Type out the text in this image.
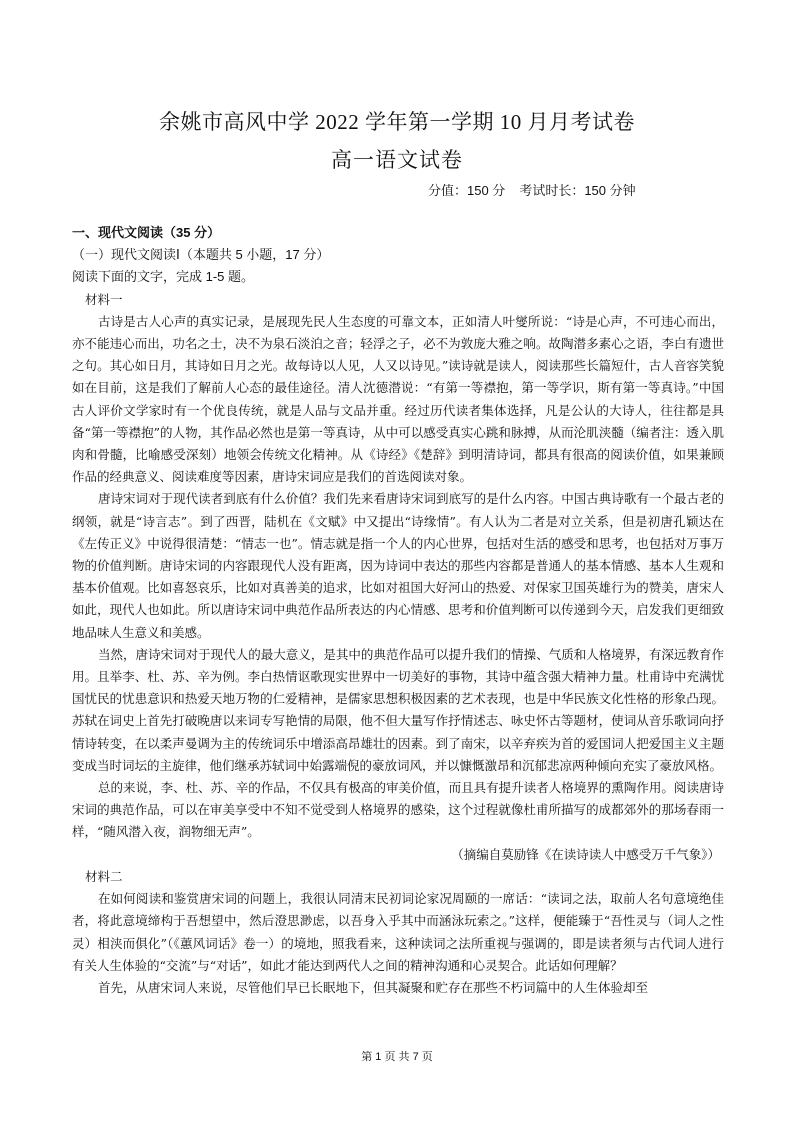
余姚市高风中学 2022 学年第一学期 10 月月考试卷
高一语文试卷
分值：150 分 考试时长：150 分钟

一、现代文阅读（35 分）

（一）现代文阅读Ⅰ（本题共 5 小题，17 分）

阅读下面的文字，完成 1-5 题。

材料一

古诗是古人心声的真实记录，是展现先民人生态度的可靠文本，正如清人叶燮所说：“诗是心声，不可违心而出，亦不能违心而出，功名之士，决不为泉石淡泊之音；轻浮之子，必不为敦庞大雅之响。故陶潜多素心之语，李白有遗世之句。其心如日月，其诗如日月之光。故每诗以人见，人又以诗见。”读诗就是读人，阅读那些长篇短什，古人音容笑貌如在目前，这是我们了解前人心态的最佳途径。清人沈德潜说：“有第一等襟抱，第一等学识，斯有第一等真诗。”中国古人评价文学家时有一个优良传统，就是人品与文品并重。经过历代读者集体选择，凡是公认的大诗人，往往都是具备“第一等襟抱”的人物，其作品必然也是第一等真诗，从中可以感受真实心跳和脉搏，从而沦肌浃髓（编者注：透入肌肉和骨髓，比喻感受深刻）地领会传统文化精神。从《诗经》《楚辞》到明清诗词，都具有很高的阅读价值，如果兼顾作品的经典意义、阅读难度等因素，唐诗宋词应是我们的首选阅读对象。

唐诗宋词对于现代读者到底有什么价值？我们先来看唐诗宋词到底写的是什么内容。中国古典诗歌有一个最古老的纲领，就是“诗言志”。到了西晋，陆机在《文赋》中又提出“诗缘情”。有人认为二者是对立关系，但是初唐孔颖达在《左传正义》中说得很清楚：“情志一也”。情志就是指一个人的内心世界，包括对生活的感受和思考，也包括对万事万物的价值判断。唐诗宋词的内容跟现代人没有距离，因为诗词中表达的那些内容都是普通人的基本情感、基本人生观和基本价值观。比如喜怒哀乐，比如对真善美的追求，比如对祖国大好河山的热爱、对保家卫国英雄行为的赞美，唐宋人如此，现代人也如此。所以唐诗宋词中典范作品所表达的内心情感、思考和价值判断可以传递到今天，启发我们更细致地品味人生意义和美感。

当然，唐诗宋词对于现代人的最大意义，是其中的典范作品可以提升我们的情操、气质和人格境界，有深远教育作用。且举李、杜、苏、辛为例。李白热情讴歌现实世界中一切美好的事物，其诗中蕴含强大精神力量。杜甫诗中充满忧国忧民的忧患意识和热爱天地万物的仁爱精神，是儒家思想积极因素的艺术表现，也是中华民族文化性格的形象凸现。苏轼在词史上首先打破晚唐以来词专写艳情的局限，他不但大量写作抒情述志、咏史怀古等题材，使词从音乐歌词向抒情诗转变，在以柔声曼调为主的传统词乐中增添高昂雄壮的因素。到了南宋，以辛弃疾为首的爱国词人把爱国主义主题变成当时词坛的主旋律，他们继承苏轼词中始露端倪的豪放词风，并以慷慨激昂和沉郁悲凉两种倾向充实了豪放风格。

总的来说，李、杜、苏、辛的作品，不仅具有极高的审美价值，而且具有提升读者人格境界的熏陶作用。阅读唐诗宋词的典范作品，可以在审美享受中不知不觉受到人格境界的感染，这个过程就像杜甫所描写的成都郊外的那场春雨一样，“随风潜入夜，润物细无声”。

（摘编自莫励锋《在读诗读人中感受万千气象》）

材料二

在如何阅读和鉴赏唐宋词的问题上，我很认同清末民初词论家况周颐的一席话：“读词之法，取前人名句意境绝佳者，将此意境缔构于吾想望中，然后澄思渺虑，以吾身入乎其中而涵泳玩索之。”这样，便能臻于“吾性灵与（词人之性灵）相浃而俱化”（《蕙风词话》卷一）的境地，照我看来，这种读词之法所重视与强调的，即是读者须与古代词人进行有关人生体验的“交流”与“对话”，如此才能达到两代人之间的精神沟通和心灵契合。此话如何理解？

首先，从唐宋词人来说，尽管他们早已长眠地下，但其凝聚和贮存在那些不朽词篇中的人生体验却至

第 1 页 共 7 页
